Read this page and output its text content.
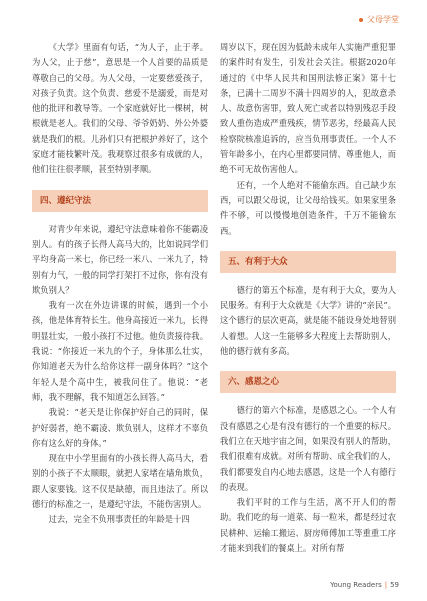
父母学堂

《大学》里面有句话，“为人子，止于孝。为人父，止于慈”，意思是一个人首要的品质是尊敬自己的父母。为人父母，一定要慈爱孩子，对孩子负责。这个负责、慈爱不是溺爱，而是对他的批评和教导等。一个家庭就好比一棵树，树根就是老人。我们的父母、爷爷奶奶、外公外婆就是我们的根。儿孙们只有把根护养好了，这个家庭才能枝繁叶茂。我观察过很多有成就的人，他们往往很孝顺，甚至特别孝顺。

四、遵纪守法

对青少年来说，遵纪守法意味着你不能霸凌别人。有的孩子长得人高马大的，比如说同学们平均身高一米七，你已经一米八、一米九了，特别有力气，一般的同学打架打不过你，你有没有欺负别人？

我有一次在外边讲课的时候，遇到一个小孩，他是体育特长生。他身高接近一米九，长得明显壮实，一般小孩打不过他。他负责接待我。我说：“你接近一米九的个子，身体那么壮实，你知道老天为什么给你这样一副身体吗？”这个年轻人是个高中生，被我问住了。他说：“老师，我不理解，我不知道怎么回答。”

我说：“老天是让你保护好自己的同时，保护好弱者，绝不霸凌、欺负别人，这样才不辜负你有这么好的身体。”

现在中小学里面有的小孩长得人高马大，看别的小孩子不太顺眼，就把人家堵在墙角欺负，跟人家要钱。这不仅是缺德，而且违法了。所以德行的标准之一，是遵纪守法，不能伤害别人。

过去，完全不负刑事责任的年龄是十四

周岁以下，现在因为低龄未成年人实施严重犯罪的案件时有发生，引发社会关注。根据2020年通过的《中华人民共和国刑法修正案》第十七条，已满十二周岁不满十四周岁的人，犯故意杀人、故意伤害罪，致人死亡或者以特别残忍手段致人重伤造成严重残疾，情节恶劣，经最高人民检察院核准追诉的，应当负刑事责任。一个人不管年龄多小，在内心里都要同情、尊重他人，而绝不可无故伤害他人。

还有，一个人绝对不能偷东西。自己缺少东西，可以跟父母说，让父母给钱买。如果家里条件不够，可以慢慢地创造条件，千万不能偷东西。

五、有利于大众

德行的第五个标准，是有利于大众，要为人民服务。有利于大众就是《大学》讲的“亲民”。这个德行的层次更高，就是能不能设身处地替别人着想。人这一生能够多大程度上去帮助别人，他的德行就有多高。

六、感恩之心

德行的第六个标准，是感恩之心。一个人有没有感恩之心是有没有德行的一个重要的标尺。我们立在天地宇宙之间，如果没有别人的帮助，我们很难有成就。对所有帮助、成全我们的人，我们都要发自内心地去感恩，这是一个人有德行的表现。

我们平时的工作与生活，离不开人们的帮助。我们吃的每一道菜、每一粒米，都是经过农民耕种、运输工搬运、厨房师傅加工等重重工序才能来到我们的餐桌上。对所有帮

Young Readers | 59
